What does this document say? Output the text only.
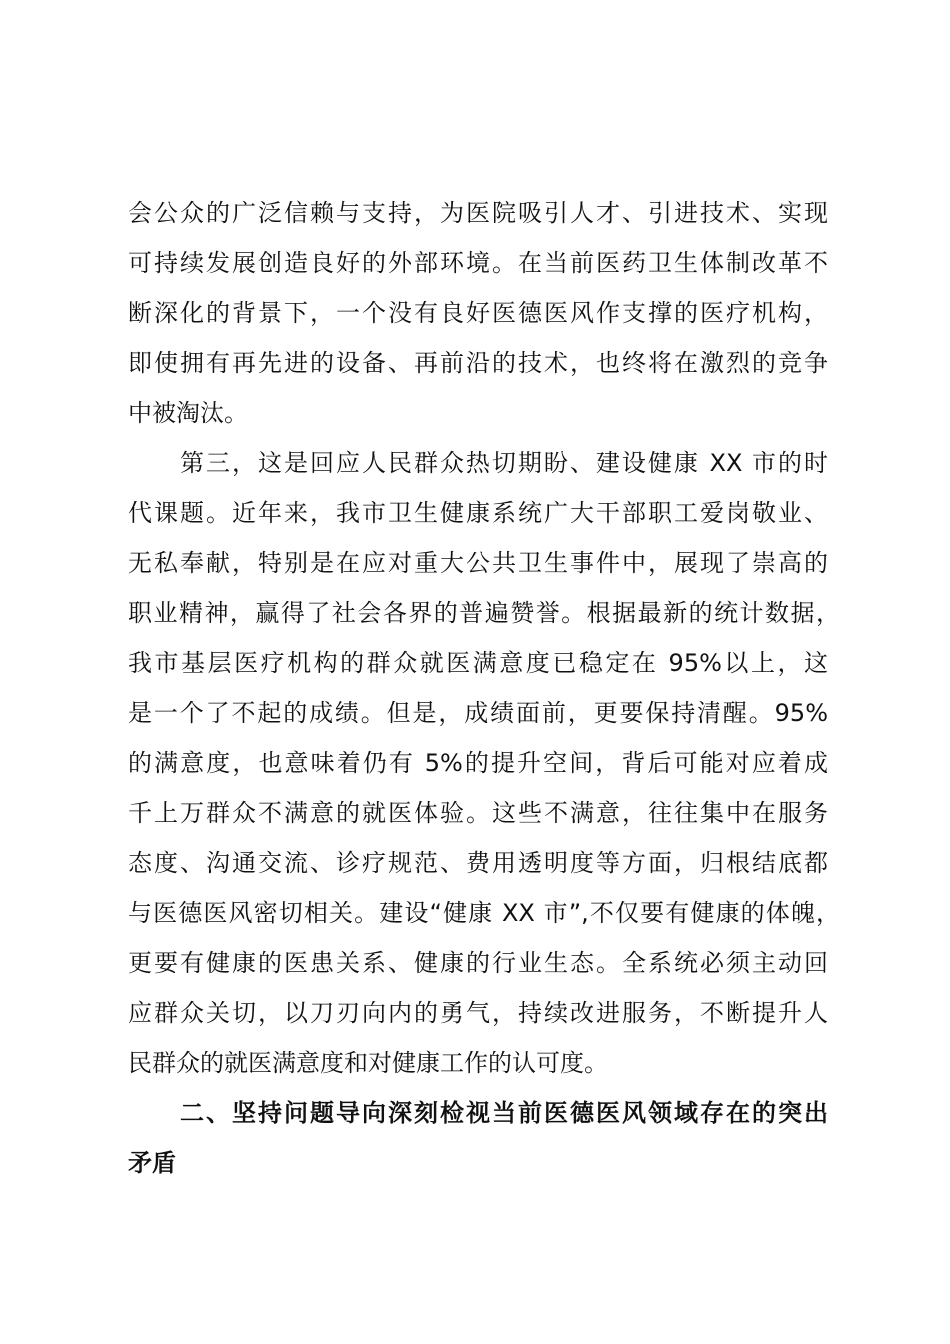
会公众的广泛信赖与支持，为医院吸引人才、引进技术、实现
可持续发展创造良好的外部环境。在当前医药卫生体制改革不
断深化的背景下，一个没有良好医德医风作支撑的医疗机构，
即使拥有再先进的设备、再前沿的技术，也终将在激烈的竞争
中被淘汰。
第三，这是回应人民群众热切期盼、建设健康 XX 市的时
代课题。近年来，我市卫生健康系统广大干部职工爱岗敬业、
无私奉献，特别是在应对重大公共卫生事件中，展现了崇高的
职业精神，赢得了社会各界的普遍赞誉。根据最新的统计数据，
我市基层医疗机构的群众就医满意度已稳定在 95%以上，这
是一个了不起的成绩。但是，成绩面前，更要保持清醒。95%
的满意度，也意味着仍有 5%的提升空间，背后可能对应着成
千上万群众不满意的就医体验。这些不满意，往往集中在服务
态度、沟通交流、诊疗规范、费用透明度等方面，归根结底都
与医德医风密切相关。建设“健康 XX 市”,不仅要有健康的体魄，
更要有健康的医患关系、健康的行业生态。全系统必须主动回
应群众关切，以刀刃向内的勇气，持续改进服务，不断提升人
民群众的就医满意度和对健康工作的认可度。
二、坚持问题导向深刻检视当前医德医风领域存在的突出
矛盾
